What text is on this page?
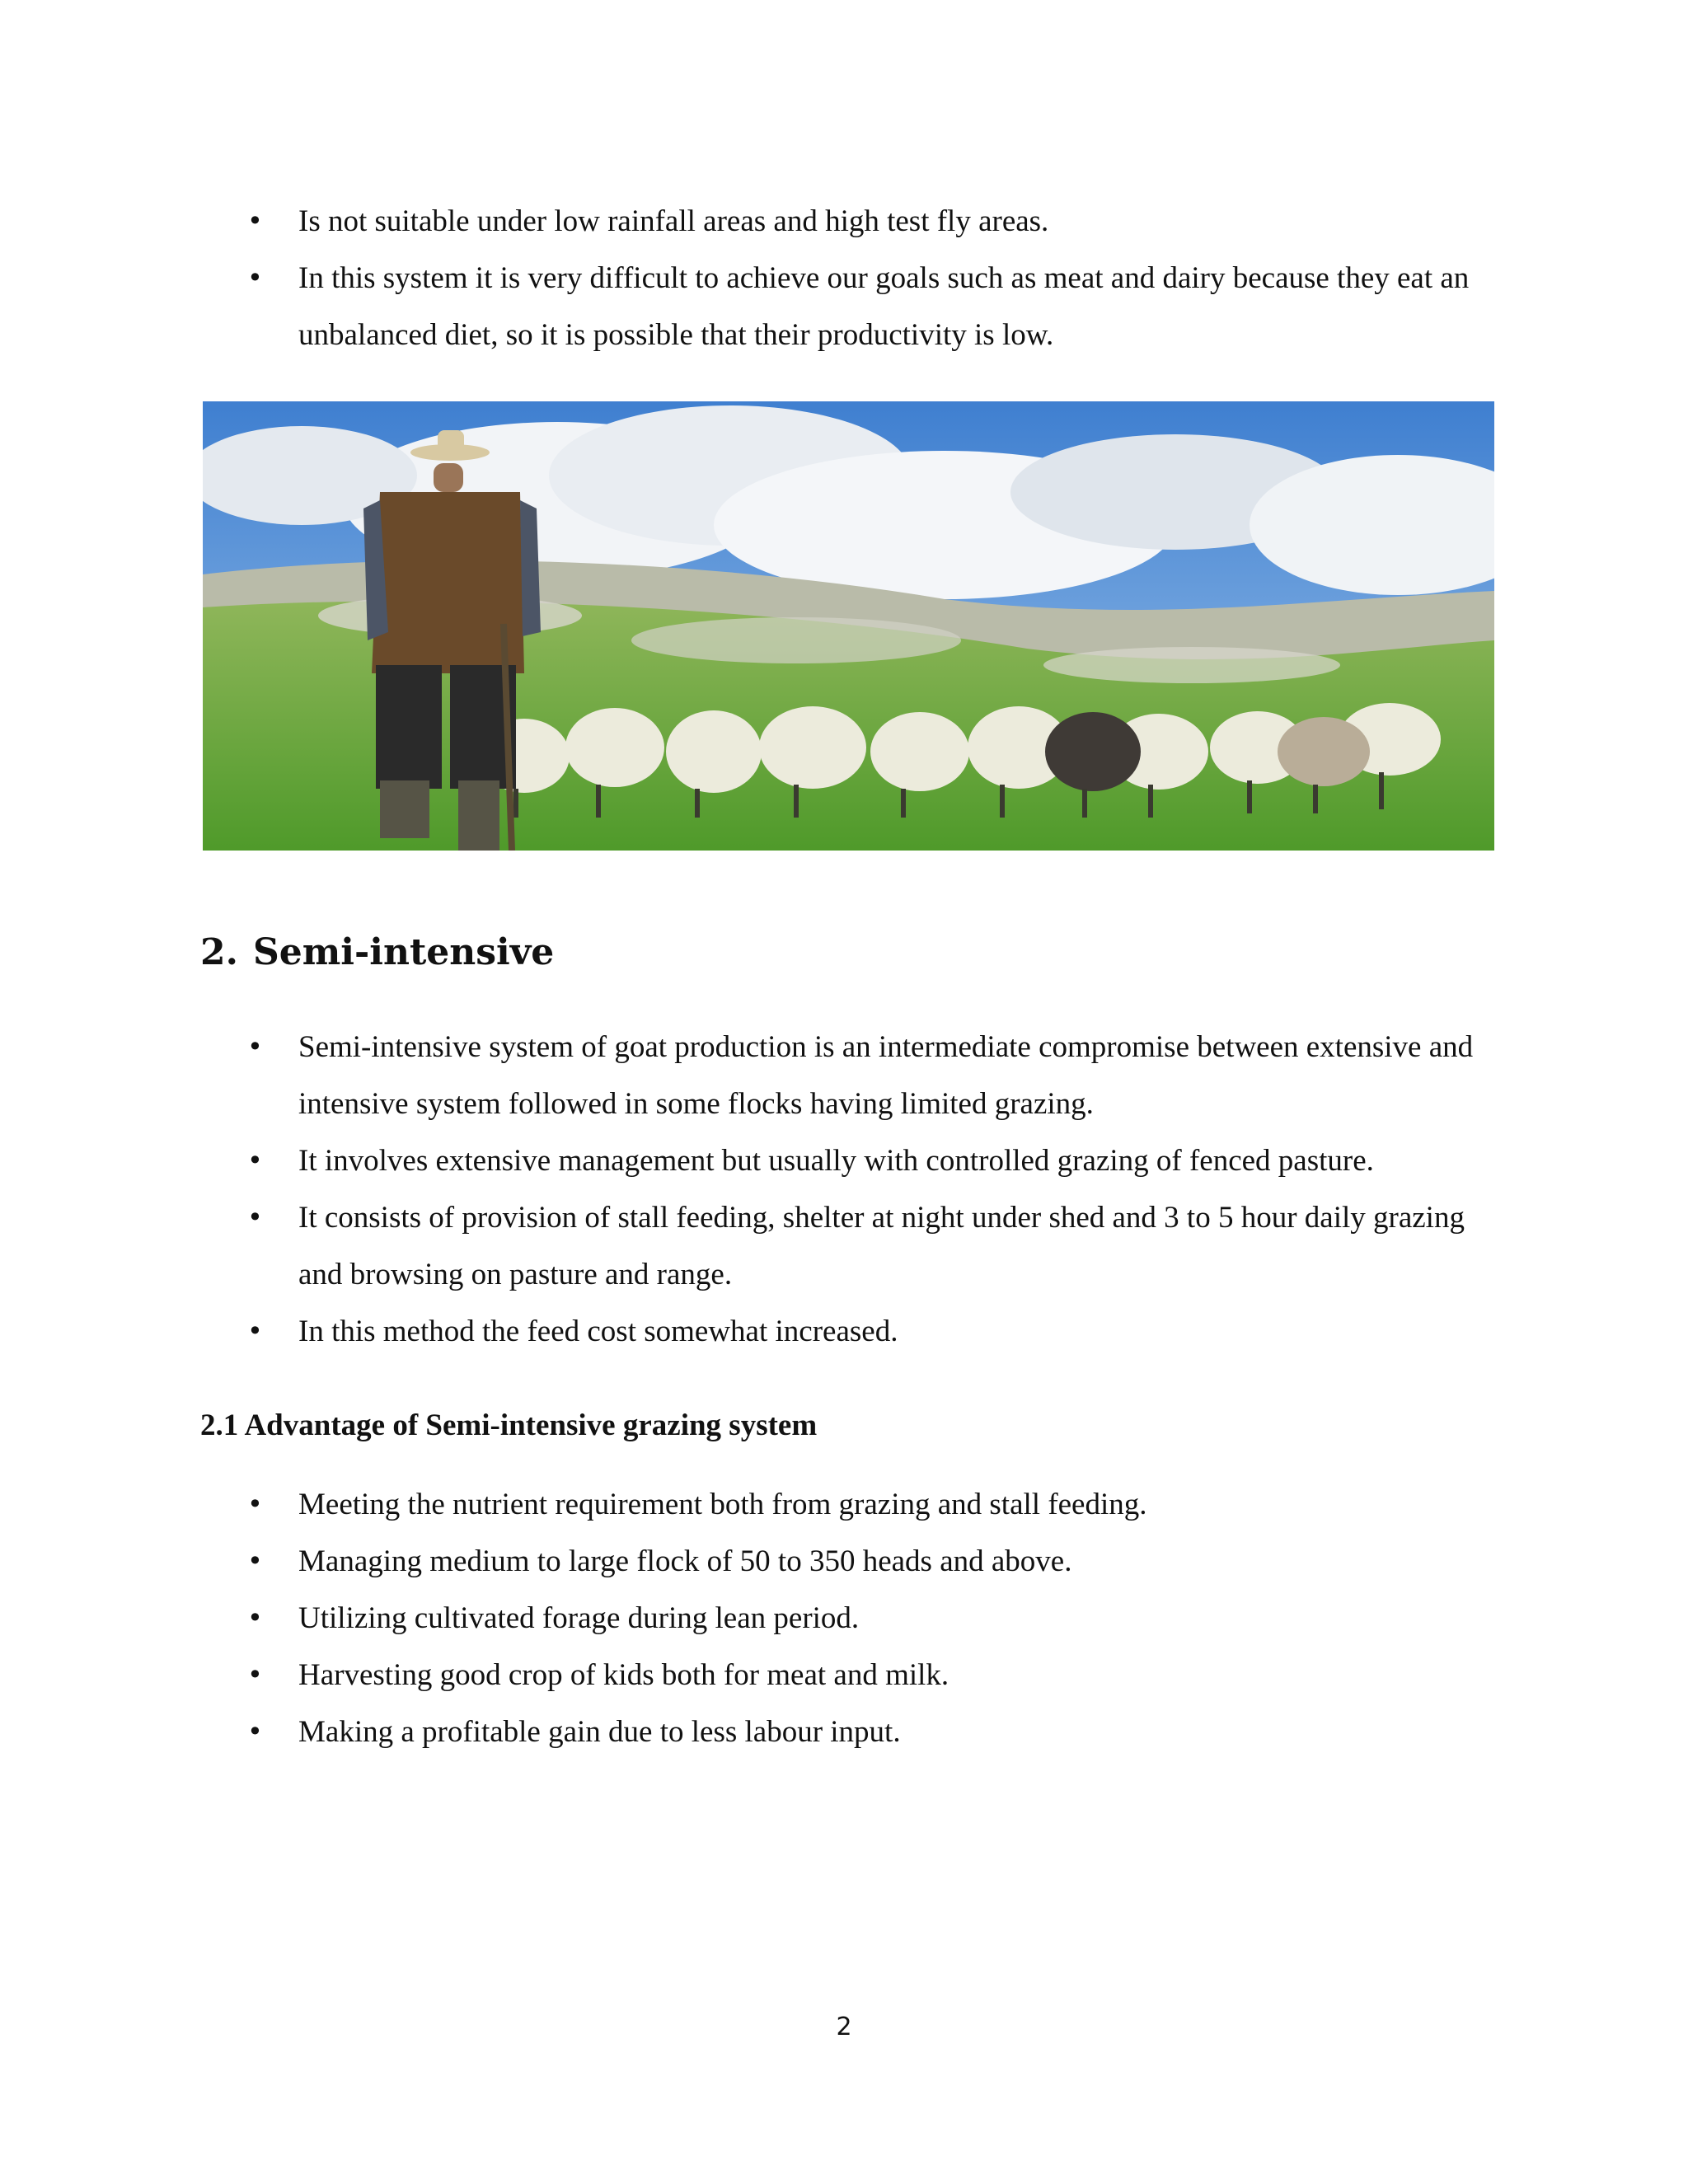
• Is not suitable under low rainfall areas and high test fly areas.
• In this system it is very difficult to achieve our goals such as meat and dairy because they eat an unbalanced diet, so it is possible that their productivity is low.
2. Semi-intensive
• Semi-intensive system of goat production is an intermediate compromise between extensive and intensive system followed in some flocks having limited grazing.
• It involves extensive management but usually with controlled grazing of fenced pasture.
• It consists of provision of stall feeding, shelter at night under shed and 3 to 5 hour daily grazing and browsing on pasture and range.
• In this method the feed cost somewhat increased.
2.1 Advantage of Semi-intensive grazing system
• Meeting the nutrient requirement both from grazing and stall feeding.
• Managing medium to large flock of 50 to 350 heads and above.
• Utilizing cultivated forage during lean period.
• Harvesting good crop of kids both for meat and milk.
• Making a profitable gain due to less labour input.
2
